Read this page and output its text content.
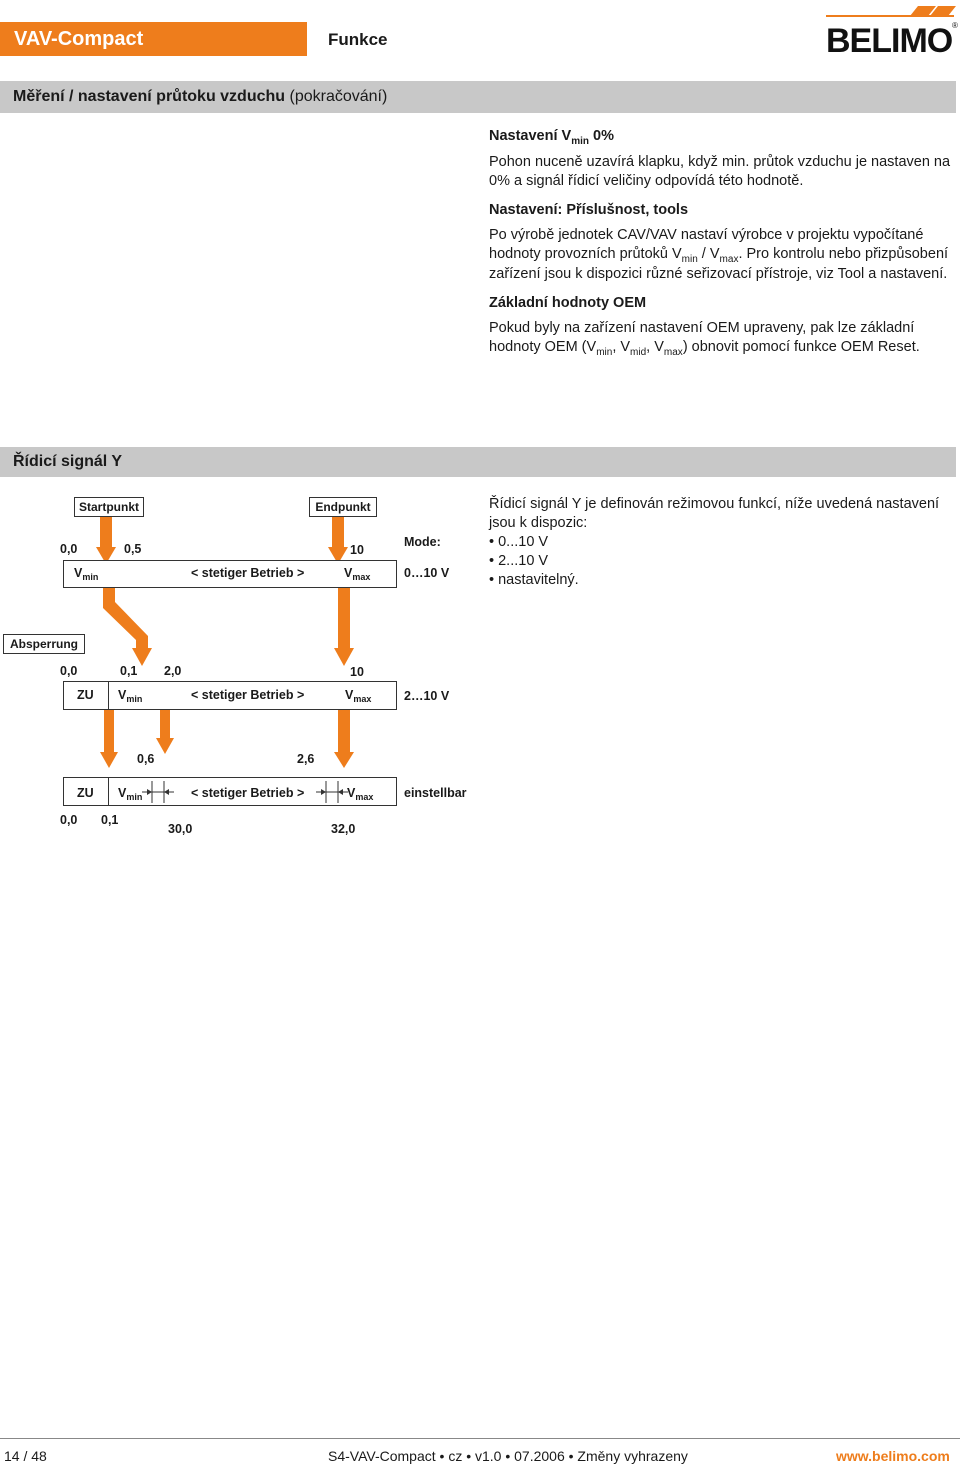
VAV-Compact	Funkce	BELIMO ®
Měření / nastavení průtoku vzduchu (pokračování)
Nastavení $V_{min}$ 0%
Pohon nuceně uzavírá klapku, když min. průtok vzduchu je nastaven na 0% a signál řídicí veličiny odpovídá této hodnotě.
Nastavení: Příslušnost, tools
Po výrobě jednotek CAV/VAV nastaví výrobce v projektu vypočítané hodnoty provozních průtoků $V_{min} / V_{max}$. Pro kontrolu nebo přizpůsobení zařízení jsou k dispozici různé seřizovací přístroje, viz Tool a nastavení.
Základní hodnoty OEM
Pokud byly na zařízení nastavení OEM upraveny, pak lze základní hodnoty OEM ($V_{min}$, $V_{mid}$, $V_{max}$) obnovit pomocí funkce OEM Reset.
Řídicí signál Y
Řídicí signál Y je definován režimovou funkcí, níže uvedená nastavení jsou k dispozic:
• 0...10 V
• 2...10 V
• nastavitelný.
Startpunkt	Endpunkt
0,0	0,5	10
Mode:
$V_{min}$	< stetiger Betrieb >	$V_{max}$	0…10 V
Absperrung
0,0	0,1 2,0	10
ZU $V_{min}$	< stetiger Betrieb >	$V_{max}$	2…10 V
0,6	2,6
ZU $V_{min}$	< stetiger Betrieb >	$V_{max}$ einstellbar
0,0 0,1
30,0	32,0
14 / 48	S4-VAV-Compact • cz • v1.0 • 07.2006 • Změny vyhrazeny	www.belimo.com
